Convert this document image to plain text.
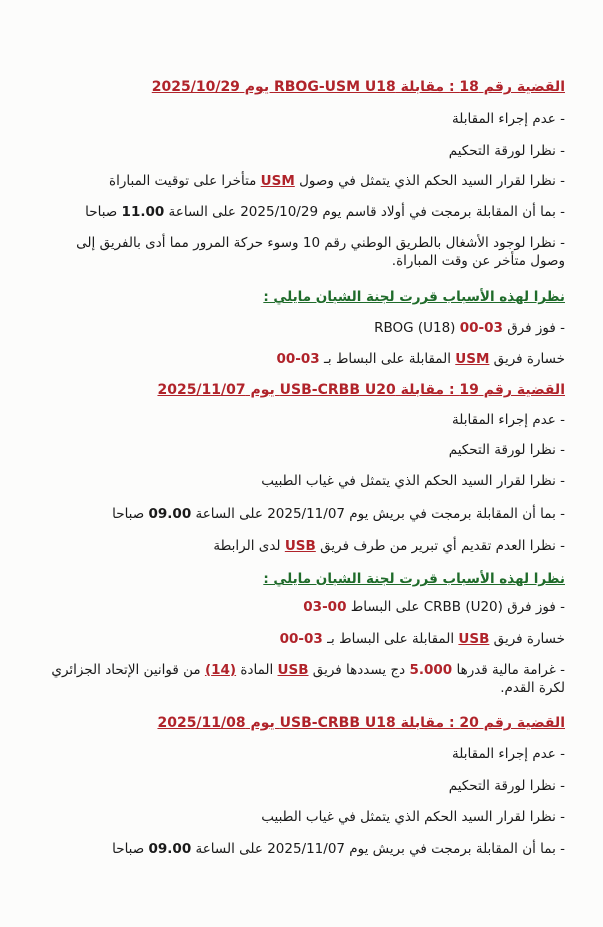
القضية رقم 18 : مقابلة RBOG-USM U18 يوم 2025/10/29
- عدم إجراء المقابلة
- نظرا لورقة التحكيم
- نظرا لقرار السيد الحكم الذي يتمثل في وصول USM متأخرا على توقيت المباراة
- بما أن المقابلة برمجت في أولاد قاسم يوم 2025/10/29 على الساعة 11.00 صباحا
- نظرا لوجود الأشغال بالطريق الوطني رقم 10 وسوء حركة المرور مما أدى بالفريق إلى وصول متأخر عن وقت المباراة.
نظرا لهذه الأسباب قررت لجنة الشبان مايلي :
- فوز فرق RBOG (U18) 00-03
خسارة فريق USM المقابلة على البساط بـ 03-00
القضية رقم 19 : مقابلة USB-CRBB U20 يوم 2025/11/07
- عدم إجراء المقابلة
- نظرا لورقة التحكيم
- نظرا لقرار السيد الحكم الذي يتمثل في غياب الطبيب
- بما أن المقابلة برمجت في بريش يوم 2025/11/07 على الساعة 09.00 صباحا
- نظرا العدم تقديم أي تبرير من طرف فريق USB لدى الرابطة
نظرا لهذه الأسباب قررت لجنة الشبان مايلي :
- فوز فرق CRBB (U20) على البساط 00-03
خسارة فريق USB المقابلة على البساط بـ 03-00
- غرامة مالية قدرها 5.000 دج يسددها فريق USB المادة (14) من قوانين الإتحاد الجزائري لكرة القدم.
القضية رقم 20 : مقابلة USB-CRBB U18 يوم 2025/11/08
- عدم إجراء المقابلة
- نظرا لورقة التحكيم
- نظرا لقرار السيد الحكم الذي يتمثل في غياب الطبيب
- بما أن المقابلة برمجت في بريش يوم 2025/11/07 على الساعة 09.00 صباحا
